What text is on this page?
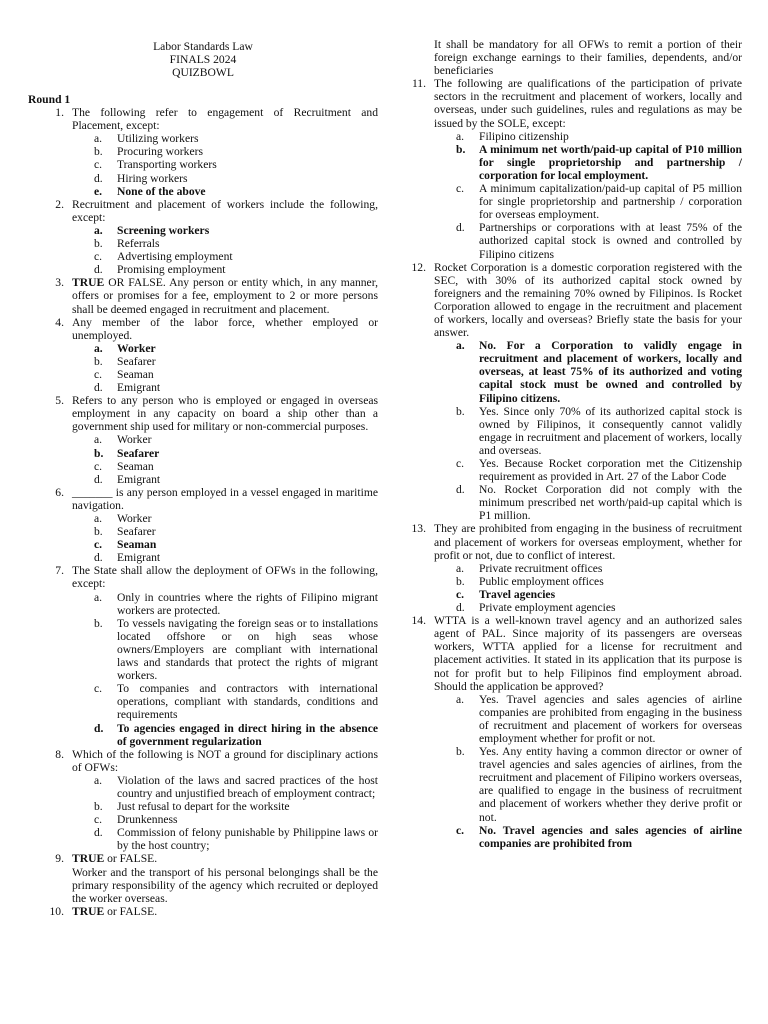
Labor Standards Law
FINALS 2024
QUIZBOWL
Round 1
1. The following refer to engagement of Recruitment and Placement, except:
a. Utilizing workers
b. Procuring workers
c. Transporting workers
d. Hiring workers
e. None of the above
2. Recruitment and placement of workers include the following, except:
a. Screening workers
b. Referrals
c. Advertising employment
d. Promising employment
3. TRUE OR FALSE. Any person or entity which, in any manner, offers or promises for a fee, employment to 2 or more persons shall be deemed engaged in recruitment and placement.
4. Any member of the labor force, whether employed or unemployed.
a. Worker
b. Seafarer
c. Seaman
d. Emigrant
5. Refers to any person who is employed or engaged in overseas employment in any capacity on board a ship other than a government ship used for military or non-commercial purposes.
a. Worker
b. Seafarer
c. Seaman
d. Emigrant
6. _______ is any person employed in a vessel engaged in maritime navigation.
a. Worker
b. Seafarer
c. Seaman
d. Emigrant
7. The State shall allow the deployment of OFWs in the following, except:
a. Only in countries where the rights of Filipino migrant workers are protected.
b. To vessels navigating the foreign seas or to installations located offshore or on high seas whose owners/Employers are compliant with international laws and standards that protect the rights of migrant workers.
c. To companies and contractors with international operations, compliant with standards, conditions and requirements
d. To agencies engaged in direct hiring in the absence of government regularization
8. Which of the following is NOT a ground for disciplinary actions of OFWs:
a. Violation of the laws and sacred practices of the host country and unjustified breach of employment contract;
b. Just refusal to depart for the worksite
c. Drunkenness
d. Commission of felony punishable by Philippine laws or by the host country;
9. TRUE or FALSE.
Worker and the transport of his personal belongings shall be the primary responsibility of the agency which recruited or deployed the worker overseas.
10. TRUE or FALSE.
It shall be mandatory for all OFWs to remit a portion of their foreign exchange earnings to their families, dependents, and/or beneficiaries
11. The following are qualifications of the participation of private sectors in the recruitment and placement of workers, locally and overseas, under such guidelines, rules and regulations as may be issued by the SOLE, except:
a. Filipino citizenship
b. A minimum net worth/paid-up capital of P10 million for single proprietorship and partnership / corporation for local employment.
c. A minimum capitalization/paid-up capital of P5 million for single proprietorship and partnership / corporation for overseas employment.
d. Partnerships or corporations with at least 75% of the authorized capital stock is owned and controlled by Filipino citizens
12. Rocket Corporation is a domestic corporation registered with the SEC, with 30% of its authorized capital stock owned by foreigners and the remaining 70% owned by Filipinos. Is Rocket Corporation allowed to engage in the recruitment and placement of workers, locally and overseas? Briefly state the basis for your answer.
a. No. For a Corporation to validly engage in recruitment and placement of workers, locally and overseas, at least 75% of its authorized and voting capital stock must be owned and controlled by Filipino citizens.
b. Yes. Since only 70% of its authorized capital stock is owned by Filipinos, it consequently cannot validly engage in recruitment and placement of workers, locally and overseas.
c. Yes. Because Rocket corporation met the Citizenship requirement as provided in Art. 27 of the Labor Code
d. No. Rocket Corporation did not comply with the minimum prescribed net worth/paid-up capital which is P1 million.
13. They are prohibited from engaging in the business of recruitment and placement of workers for overseas employment, whether for profit or not, due to conflict of interest.
a. Private recruitment offices
b. Public employment offices
c. Travel agencies
d. Private employment agencies
14. WTTA is a well-known travel agency and an authorized sales agent of PAL. Since majority of its passengers are overseas workers, WTTA applied for a license for recruitment and placement activities. It stated in its application that its purpose is not for profit but to help Filipinos find employment abroad. Should the application be approved?
a. Yes. Travel agencies and sales agencies of airline companies are prohibited from engaging in the business of recruitment and placement of workers for overseas employment whether for profit or not.
b. Yes. Any entity having a common director or owner of travel agencies and sales agencies of airlines, from the recruitment and placement of Filipino workers overseas, are qualified to engage in the business of recruitment and placement of workers whether they derive profit or not.
c. No. Travel agencies and sales agencies of airline companies are prohibited from
